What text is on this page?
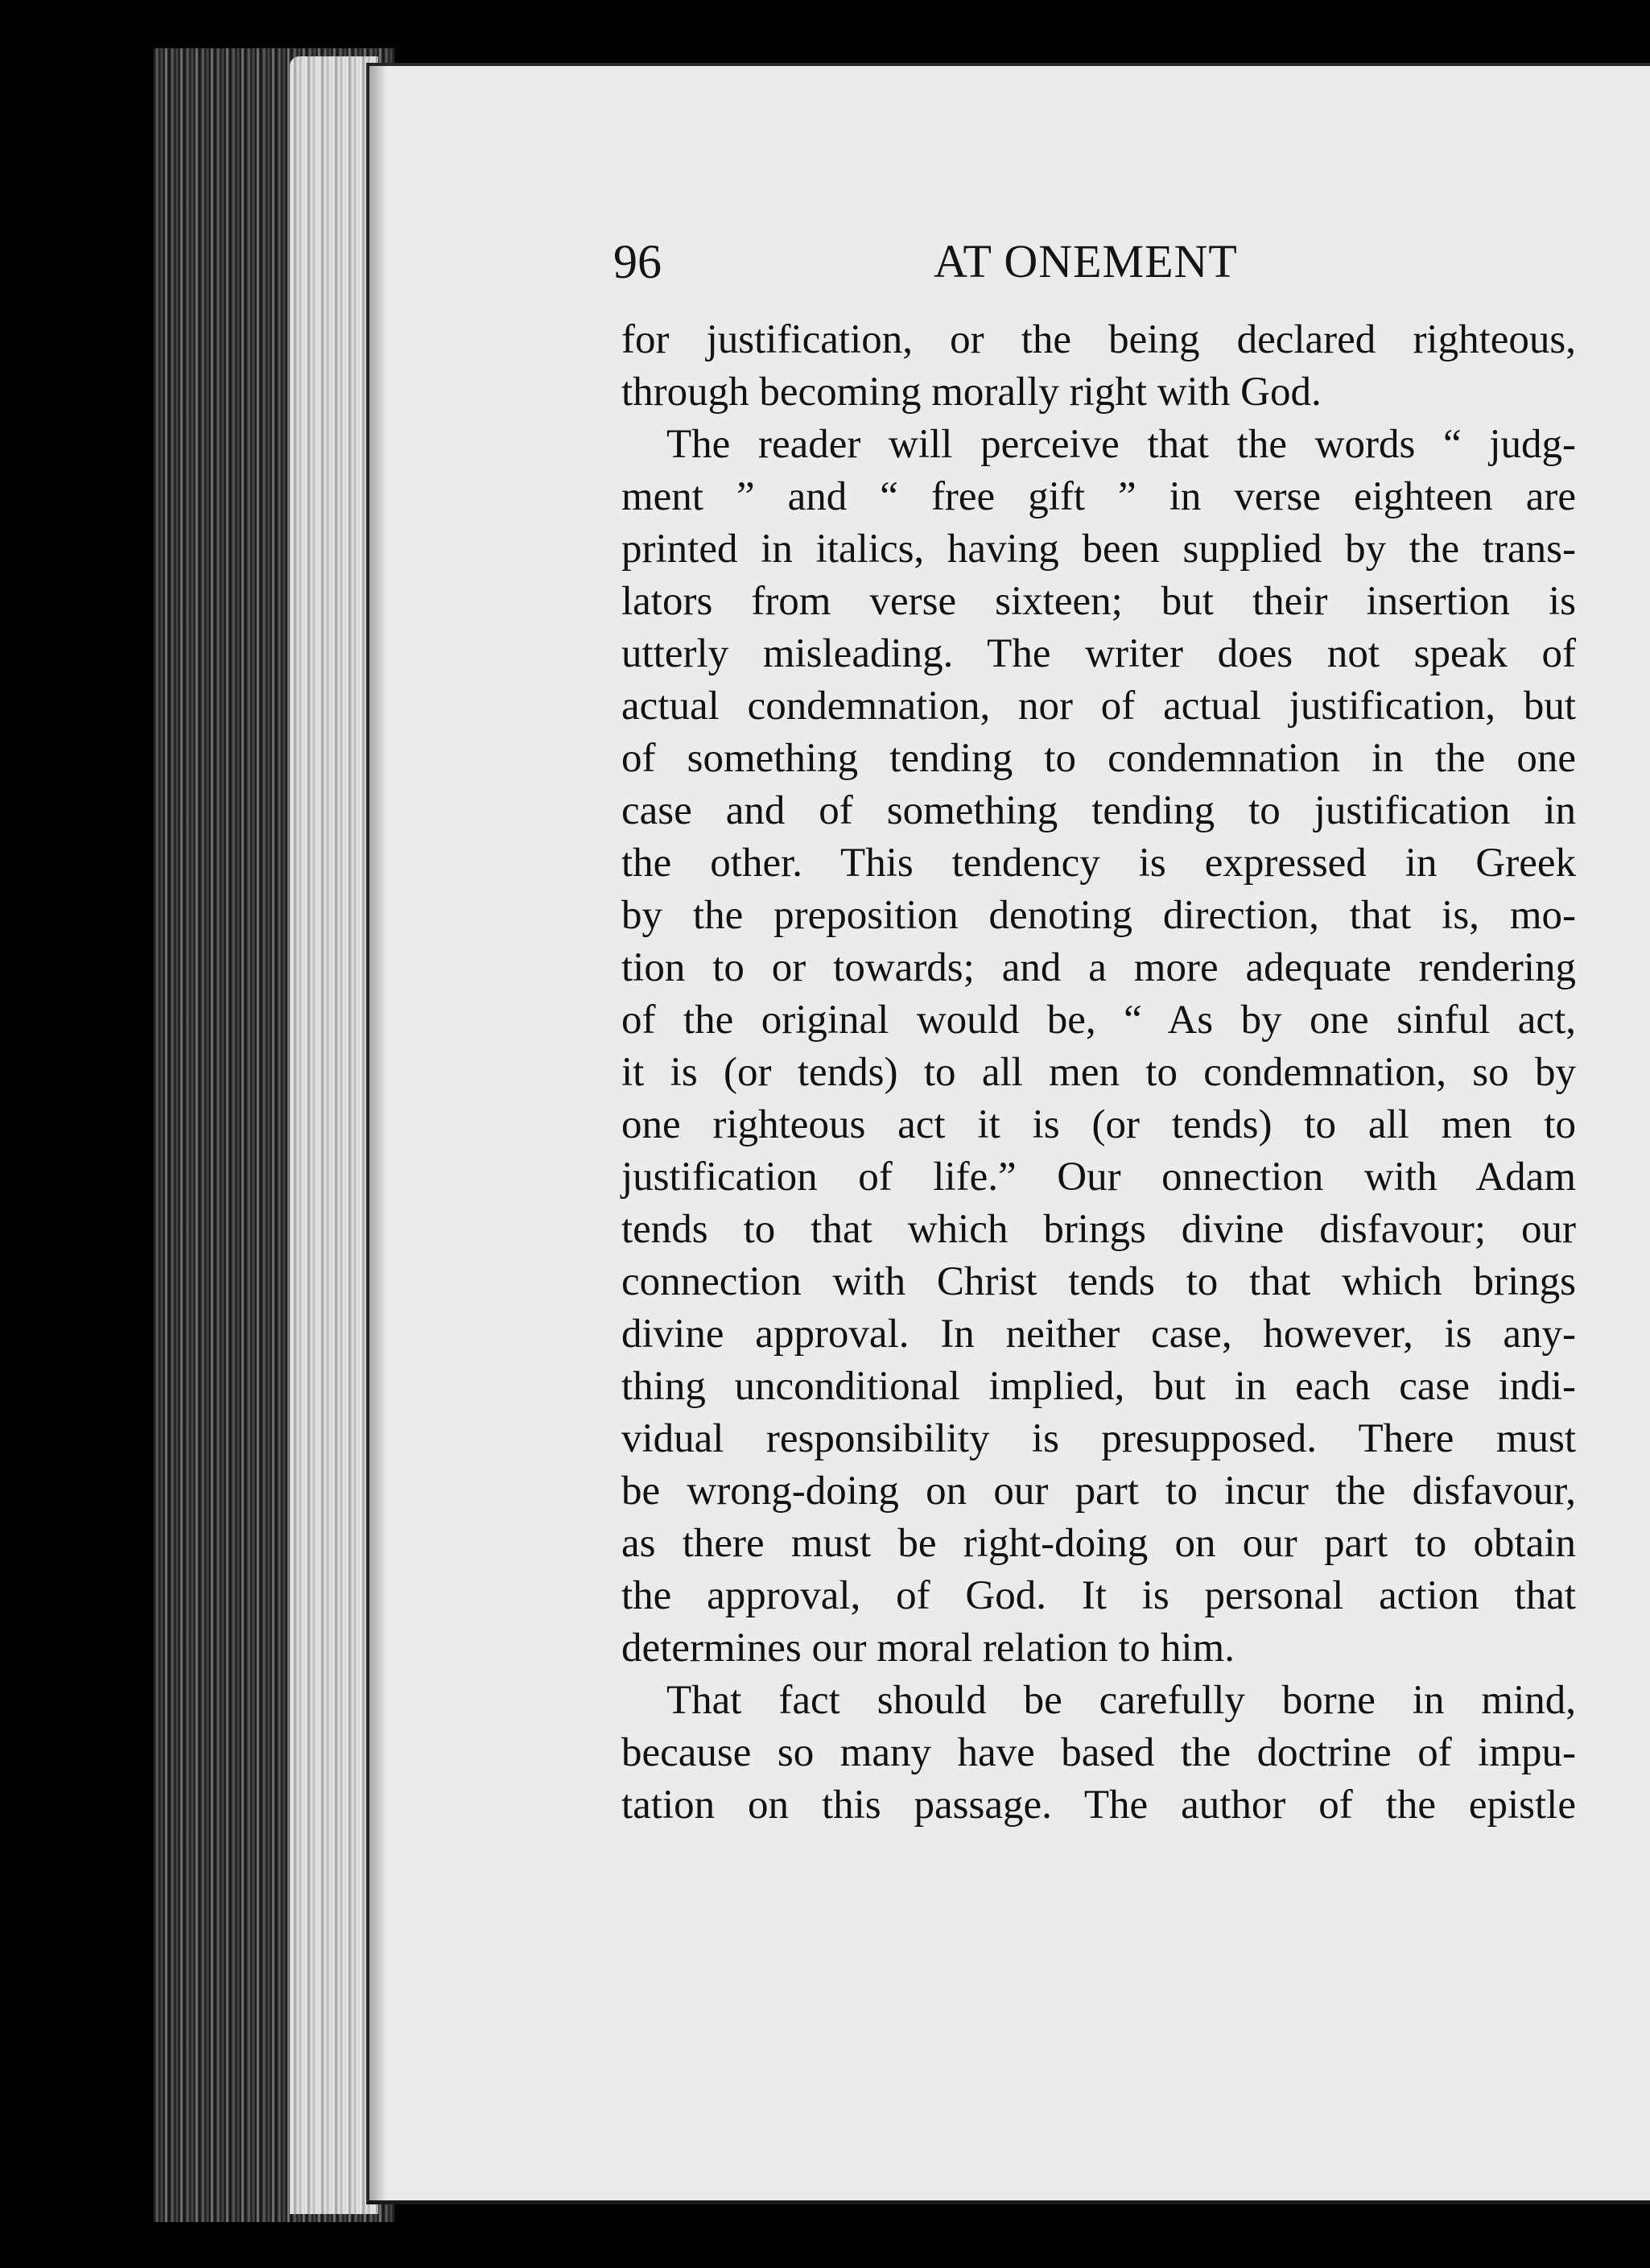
96	AT ONEMENT
for justification, or the being declared righteous,
through becoming morally right with God.
The reader will perceive that the words “ judg-
ment ” and “ free gift ” in verse eighteen are
printed in italics, having been supplied by the trans-
lators from verse sixteen; but their insertion is
utterly misleading. The writer does not speak of
actual condemnation, nor of actual justification, but
of something tending to condemnation in the one
case and of something tending to justification in
the other. This tendency is expressed in Greek
by the preposition denoting direction, that is, mo-
tion to or towards; and a more adequate rendering
of the original would be, “ As by one sinful act,
it is (or tends) to all men to condemnation, so by
one righteous act it is (or tends) to all men to
justification of life.” Our onnection with Adam
tends to that which brings divine disfavour; our
connection with Christ tends to that which brings
divine approval. In neither case, however, is any-
thing unconditional implied, but in each case indi-
vidual responsibility is presupposed. There must
be wrong-doing on our part to incur the disfavour,
as there must be right-doing on our part to obtain
the approval, of God. It is personal action that
determines our moral relation to him.
That fact should be carefully borne in mind,
because so many have based the doctrine of impu-
tation on this passage. The author of the epistle
